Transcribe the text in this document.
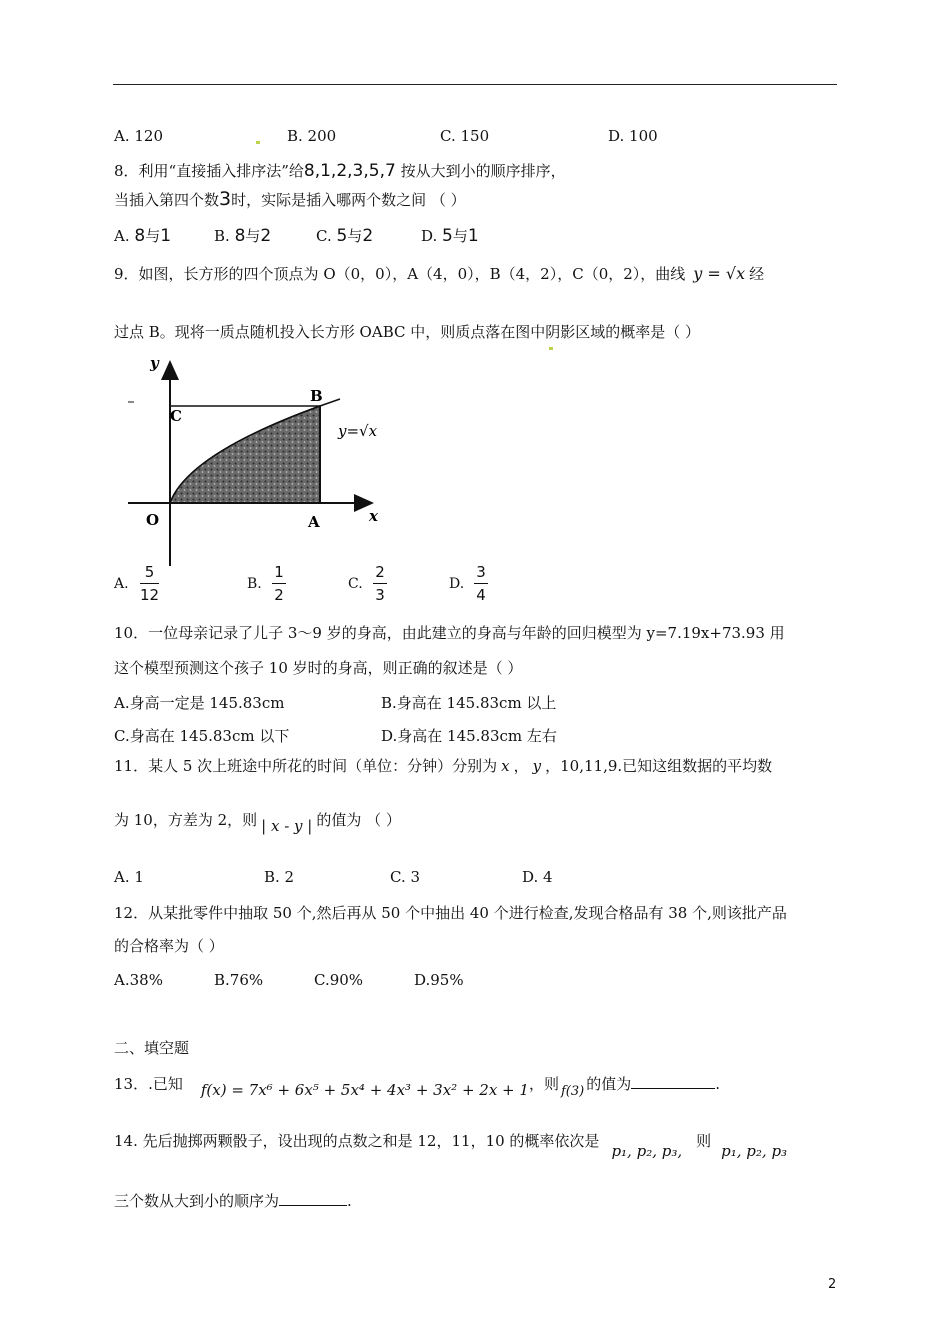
A. 120	B. 200	C. 150	D. 100
8．利用“直接插入排序法”给8,1,2,3,5,7 按从大到小的顺序排序，
当插入第四个数3时，实际是插入哪两个数之间 （ ）
A. 8与1	B. 8与2	C. 5与2	D. 5与1
9．如图，长方形的四个顶点为 O（0，0），A（4，0），B（4，2），C（0，2），曲线 y = √x 经
过点 B。现将一质点随机投入长方形 OABC 中，则质点落在图中阴影区域的概率是（ ）
y
x
O	A
B
C
y=√x
A.
5
12
B.
1
2
C.
2
3
D.
3
4
10．一位母亲记录了儿子 3～9 岁的身高，由此建立的身高与年龄的回归模型为 y=7.19x+73.93 用
这个模型预测这个孩子 10 岁时的身高，则正确的叙述是（ ）
A.身高一定是 145.83cm	B.身高在 145.83cm 以上
C.身高在 145.83cm 以下	D.身高在 145.83cm 左右
11．某人 5 次上班途中所花的时间（单位：分钟）分别为 x ， y ，10,11,9.已知这组数据的平均数
为 10，方差为 2，则 | x - y | 的值为 （ ）
A. 1	B. 2	C. 3	D. 4
12．从某批零件中抽取 50 个,然后再从 50 个中抽出 40 个进行检查,发现合格品有 38 个,则该批产品
的合格率为（ ）
A.38%	B.76%	C.90%	D.95%
二、填空题
13．.已知 f(x) = 7x⁶ + 6x⁵ + 5x⁴ + 4x³ + 3x² + 2x + 1，则 f(3) 的值为	.
14. 先后抛掷两颗骰子，设出现的点数之和是 12，11，10 的概率依次是p₁, p₂, p₃,则p₁, p₂, p₃
三个数从大到小的顺序为	.
2
